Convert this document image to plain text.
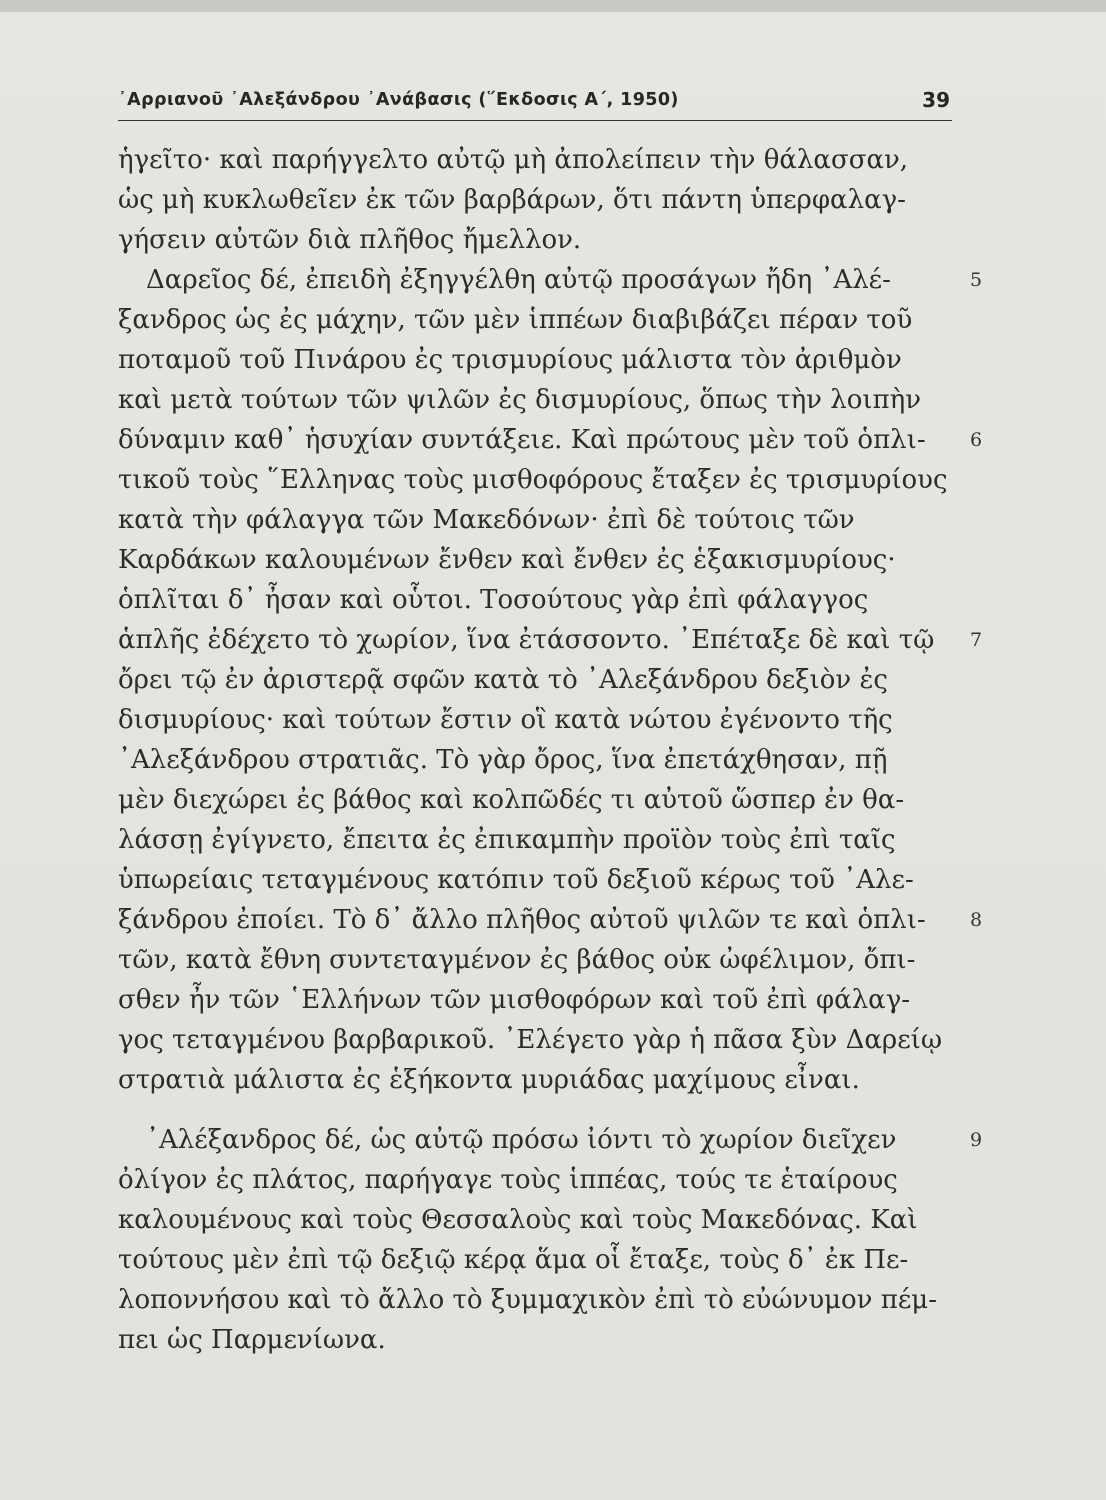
᾿Αρριανοῦ ᾿Αλεξάνδρου ᾿Ανάβασις (῞Εκδοσις Α΄, 1950)	39
ἡγεῖτο· καὶ παρήγγελτο αὐτῷ μὴ ἀπολείπειν τὴν θάλασσαν,
ὡς μὴ κυκλωθεῖεν ἐκ τῶν βαρβάρων, ὅτι πάντη ὑπερφαλαγ-
γήσειν αὐτῶν διὰ πλῆθος ἤμελλον.
Δαρεῖος δέ, ἐπειδὴ ἐξηγγέλθη αὐτῷ προσάγων ἤδη ᾿Αλέ-
ξανδρος ὡς ἐς μάχην, τῶν μὲν ἱππέων διαβιβάζει πέραν τοῦ
ποταμοῦ τοῦ Πινάρου ἐς τρισμυρίους μάλιστα τὸν ἀριθμὸν
καὶ μετὰ τούτων τῶν ψιλῶν ἐς δισμυρίους, ὅπως τὴν λοιπὴν
δύναμιν καθ᾿ ἡσυχίαν συντάξειε. Καὶ πρώτους μὲν τοῦ ὁπλι-
τικοῦ τοὺς ῞Ελληνας τοὺς μισθοφόρους ἔταξεν ἐς τρισμυρίους
κατὰ τὴν φάλαγγα τῶν Μακεδόνων· ἐπὶ δὲ τούτοις τῶν
Καρδάκων καλουμένων ἔνθεν καὶ ἔνθεν ἐς ἑξακισμυρίους·
ὁπλῖται δ᾿ ἦσαν καὶ οὗτοι. Τοσούτους γὰρ ἐπὶ φάλαγγος
ἁπλῆς ἐδέχετο τὸ χωρίον, ἵνα ἐτάσσοντο. ᾿Επέταξε δὲ καὶ τῷ
ὄρει τῷ ἐν ἀριστερᾷ σφῶν κατὰ τὸ ᾿Αλεξάνδρου δεξιὸν ἐς
δισμυρίους· καὶ τούτων ἔστιν οἳ κατὰ νώτου ἐγένοντο τῆς
᾿Αλεξάνδρου στρατιᾶς. Τὸ γὰρ ὄρος, ἵνα ἐπετάχθησαν, πῇ
μὲν διεχώρει ἐς βάθος καὶ κολπῶδές τι αὐτοῦ ὥσπερ ἐν θα-
λάσσῃ ἐγίγνετο, ἔπειτα ἐς ἐπικαμπὴν προϊὸν τοὺς ἐπὶ ταῖς
ὑπωρείαις τεταγμένους κατόπιν τοῦ δεξιοῦ κέρως τοῦ ᾿Αλε-
ξάνδρου ἐποίει. Τὸ δ᾿ ἄλλο πλῆθος αὐτοῦ ψιλῶν τε καὶ ὁπλι-
τῶν, κατὰ ἔθνη συντεταγμένον ἐς βάθος οὐκ ὠφέλιμον, ὄπι-
σθεν ἦν τῶν ῾Ελλήνων τῶν μισθοφόρων καὶ τοῦ ἐπὶ φάλαγ-
γος τεταγμένου βαρβαρικοῦ. ᾿Ελέγετο γὰρ ἡ πᾶσα ξὺν Δαρείῳ
στρατιὰ μάλιστα ἐς ἑξήκοντα μυριάδας μαχίμους εἶναι.
᾿Αλέξανδρος δέ, ὡς αὐτῷ πρόσω ἰόντι τὸ χωρίον διεῖχεν
ὀλίγον ἐς πλάτος, παρήγαγε τοὺς ἱππέας, τούς τε ἑταίρους
καλουμένους καὶ τοὺς Θεσσαλοὺς καὶ τοὺς Μακεδόνας. Καὶ
τούτους μὲν ἐπὶ τῷ δεξιῷ κέρᾳ ἅμα οἷ ἔταξε, τοὺς δ᾿ ἐκ Πε-
λοποννήσου καὶ τὸ ἄλλο τὸ ξυμμαχικὸν ἐπὶ τὸ εὐώνυμον πέμ-
πει ὡς Παρμενίωνα.
5
6
7
8
9
